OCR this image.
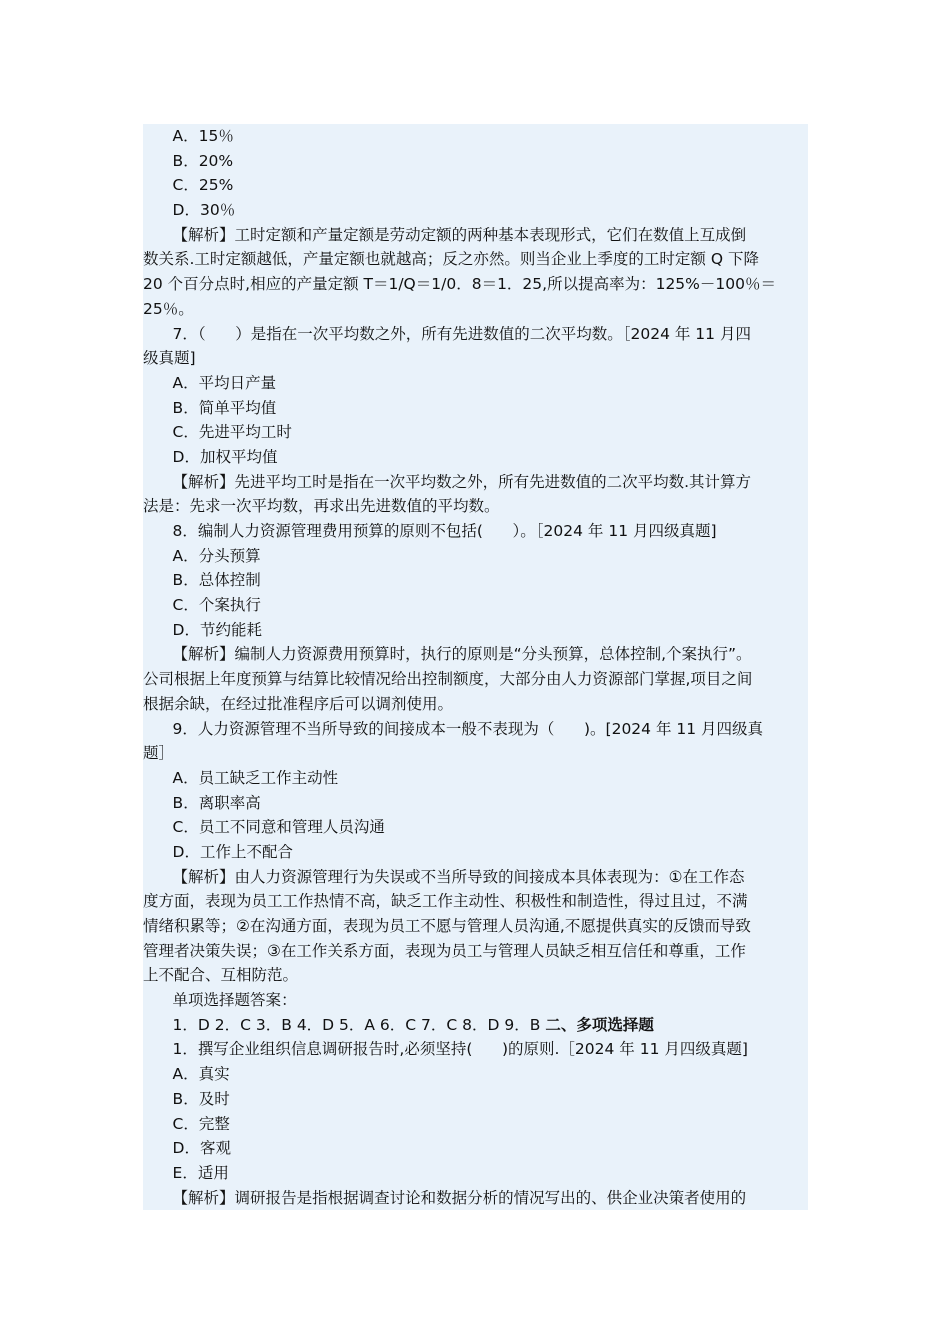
A．15％
B．20%
C．25%
D．30％
【解析】工时定额和产量定额是劳动定额的两种基本表现形式，它们在数值上互成倒
数关系.工时定额越低，产量定额也就越高；反之亦然。则当企业上季度的工时定额 Q 下降
20 个百分点时,相应的产量定额 T＝1/Q＝1/0．8＝1．25,所以提高率为：125%－100％＝
25％。
7．（      ）是指在一次平均数之外，所有先进数值的二次平均数。［2024 年 11 月四
级真题]
A．平均日产量
B．简单平均值
C．先进平均工时
D．加权平均值
【解析】先进平均工时是指在一次平均数之外，所有先进数值的二次平均数.其计算方
法是：先求一次平均数，再求出先进数值的平均数。
8．编制人力资源管理费用预算的原则不包括(      ）。［2024 年 11 月四级真题]
A．分头预算
B．总体控制
C．个案执行
D．节约能耗
【解析】编制人力资源费用预算时，执行的原则是“分头预算，总体控制,个案执行”。
公司根据上年度预算与结算比较情况给出控制额度，大部分由人力资源部门掌握,项目之间
根据余缺，在经过批准程序后可以调剂使用。
9．人力资源管理不当所导致的间接成本一般不表现为（      )。[2024 年 11 月四级真
题］
A．员工缺乏工作主动性
B．离职率高
C．员工不同意和管理人员沟通
D．工作上不配合
【解析】由人力资源管理行为失误或不当所导致的间接成本具体表现为：①在工作态
度方面，表现为员工工作热情不高，缺乏工作主动性、积极性和制造性，得过且过，不满
情绪积累等；②在沟通方面，表现为员工不愿与管理人员沟通,不愿提供真实的反馈而导致
管理者决策失误；③在工作关系方面，表现为员工与管理人员缺乏相互信任和尊重，工作
上不配合、互相防范。
单项选择题答案：
1．D 2．C 3．B 4．D 5．A 6．C 7．C 8．D 9．B 二、多项选择题
1．撰写企业组织信息调研报告时,必须坚持(      )的原则.［2024 年 11 月四级真题]
A．真实
B．及时
C．完整
D．客观
E．适用
【解析】调研报告是指根据调查讨论和数据分析的情况写出的、供企业决策者使用的
